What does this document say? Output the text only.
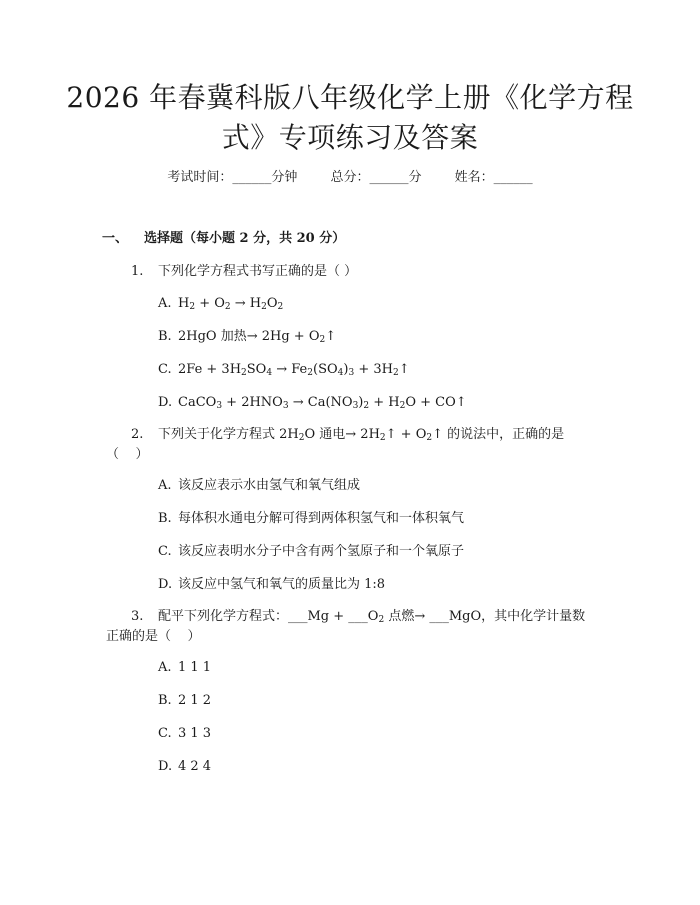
2026 年春冀科版八年级化学上册《化学方程
式》专项练习及答案
考试时间：______分钟	总分：______分	姓名：______
一、 选择题（每小题 2 分，共 20 分）
1.	下列化学方程式书写正确的是（ ）
A. $H_2 + O_2 \to H_2O_2$
B. 2HgO 加热→ $2Hg + O_2↑$
C. $2Fe + 3H_2SO_4 \to Fe_2(SO_4)_3$ + $3H_2↑$
D. CaCO$_3$ + $2HNO_3 \to Ca(NO_3)_2 + H_2O$ + CO↑
2.	下列关于化学方程式 $2H_2O$ 通电→ $2H_2↑$ + $O_2↑$ 的说法中，正确的是
（    ）
A. 该反应表示水由氢气和氧气组成
B. 每体积水通电分解可得到两体积氢气和一体积氧气
C. 该反应表明水分子中含有两个氢原子和一个氧原子
D. 该反应中氢气和氧气的质量比为 1:8
3.	配平下列化学方程式：___Mg + $\_\_\_O_2$ 点燃→ ___MgO，其中化学计量数
正确的是（    ）
A. 1 1 1
B. 2 1 2
C. 3 1 3
D. 4 2 4
